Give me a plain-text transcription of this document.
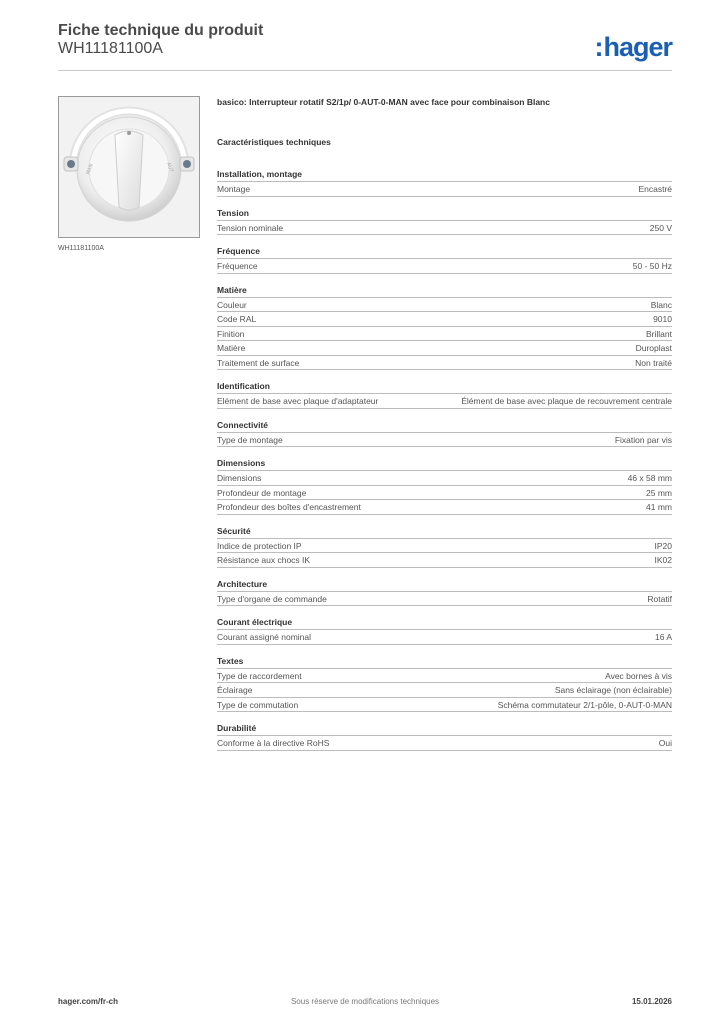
Fiche technique du produit
WH11181100A	:hager
MAN	AUT
WH11181100A
basico: Interrupteur rotatif S2/1p/ 0-AUT-0-MAN avec face pour combinaison Blanc
Caractéristiques techniques
Installation, montage
Montage	Encastré
Tension
Tension nominale	250 V
Fréquence
Fréquence	50 - 50 Hz
Matière
Couleur	Blanc
Code RAL	9010
Finition	Brillant
Matière	Duroplast
Traitement de surface	Non traité
Identification
Elément de base avec plaque d'adaptateur	Élément de base avec plaque de recouvrement centrale
Connectivité
Type de montage	Fixation par vis
Dimensions
Dimensions	46 x 58 mm
Profondeur de montage	25 mm
Profondeur des boîtes d'encastrement	41 mm
Sécurité
Indice de protection IP	IP20
Résistance aux chocs IK	IK02
Architecture
Type d'organe de commande	Rotatif
Courant électrique
Courant assigné nominal	16 A
Textes
Type de raccordement	Avec bornes à vis
Éclairage	Sans éclairage (non éclairable)
Type de commutation	Schéma commutateur 2/1-pôle, 0-AUT-0-MAN
Durabilité
Conforme à la directive RoHS	Oui
hager.com/fr-ch	Sous réserve de modifications techniques	15.01.2026
